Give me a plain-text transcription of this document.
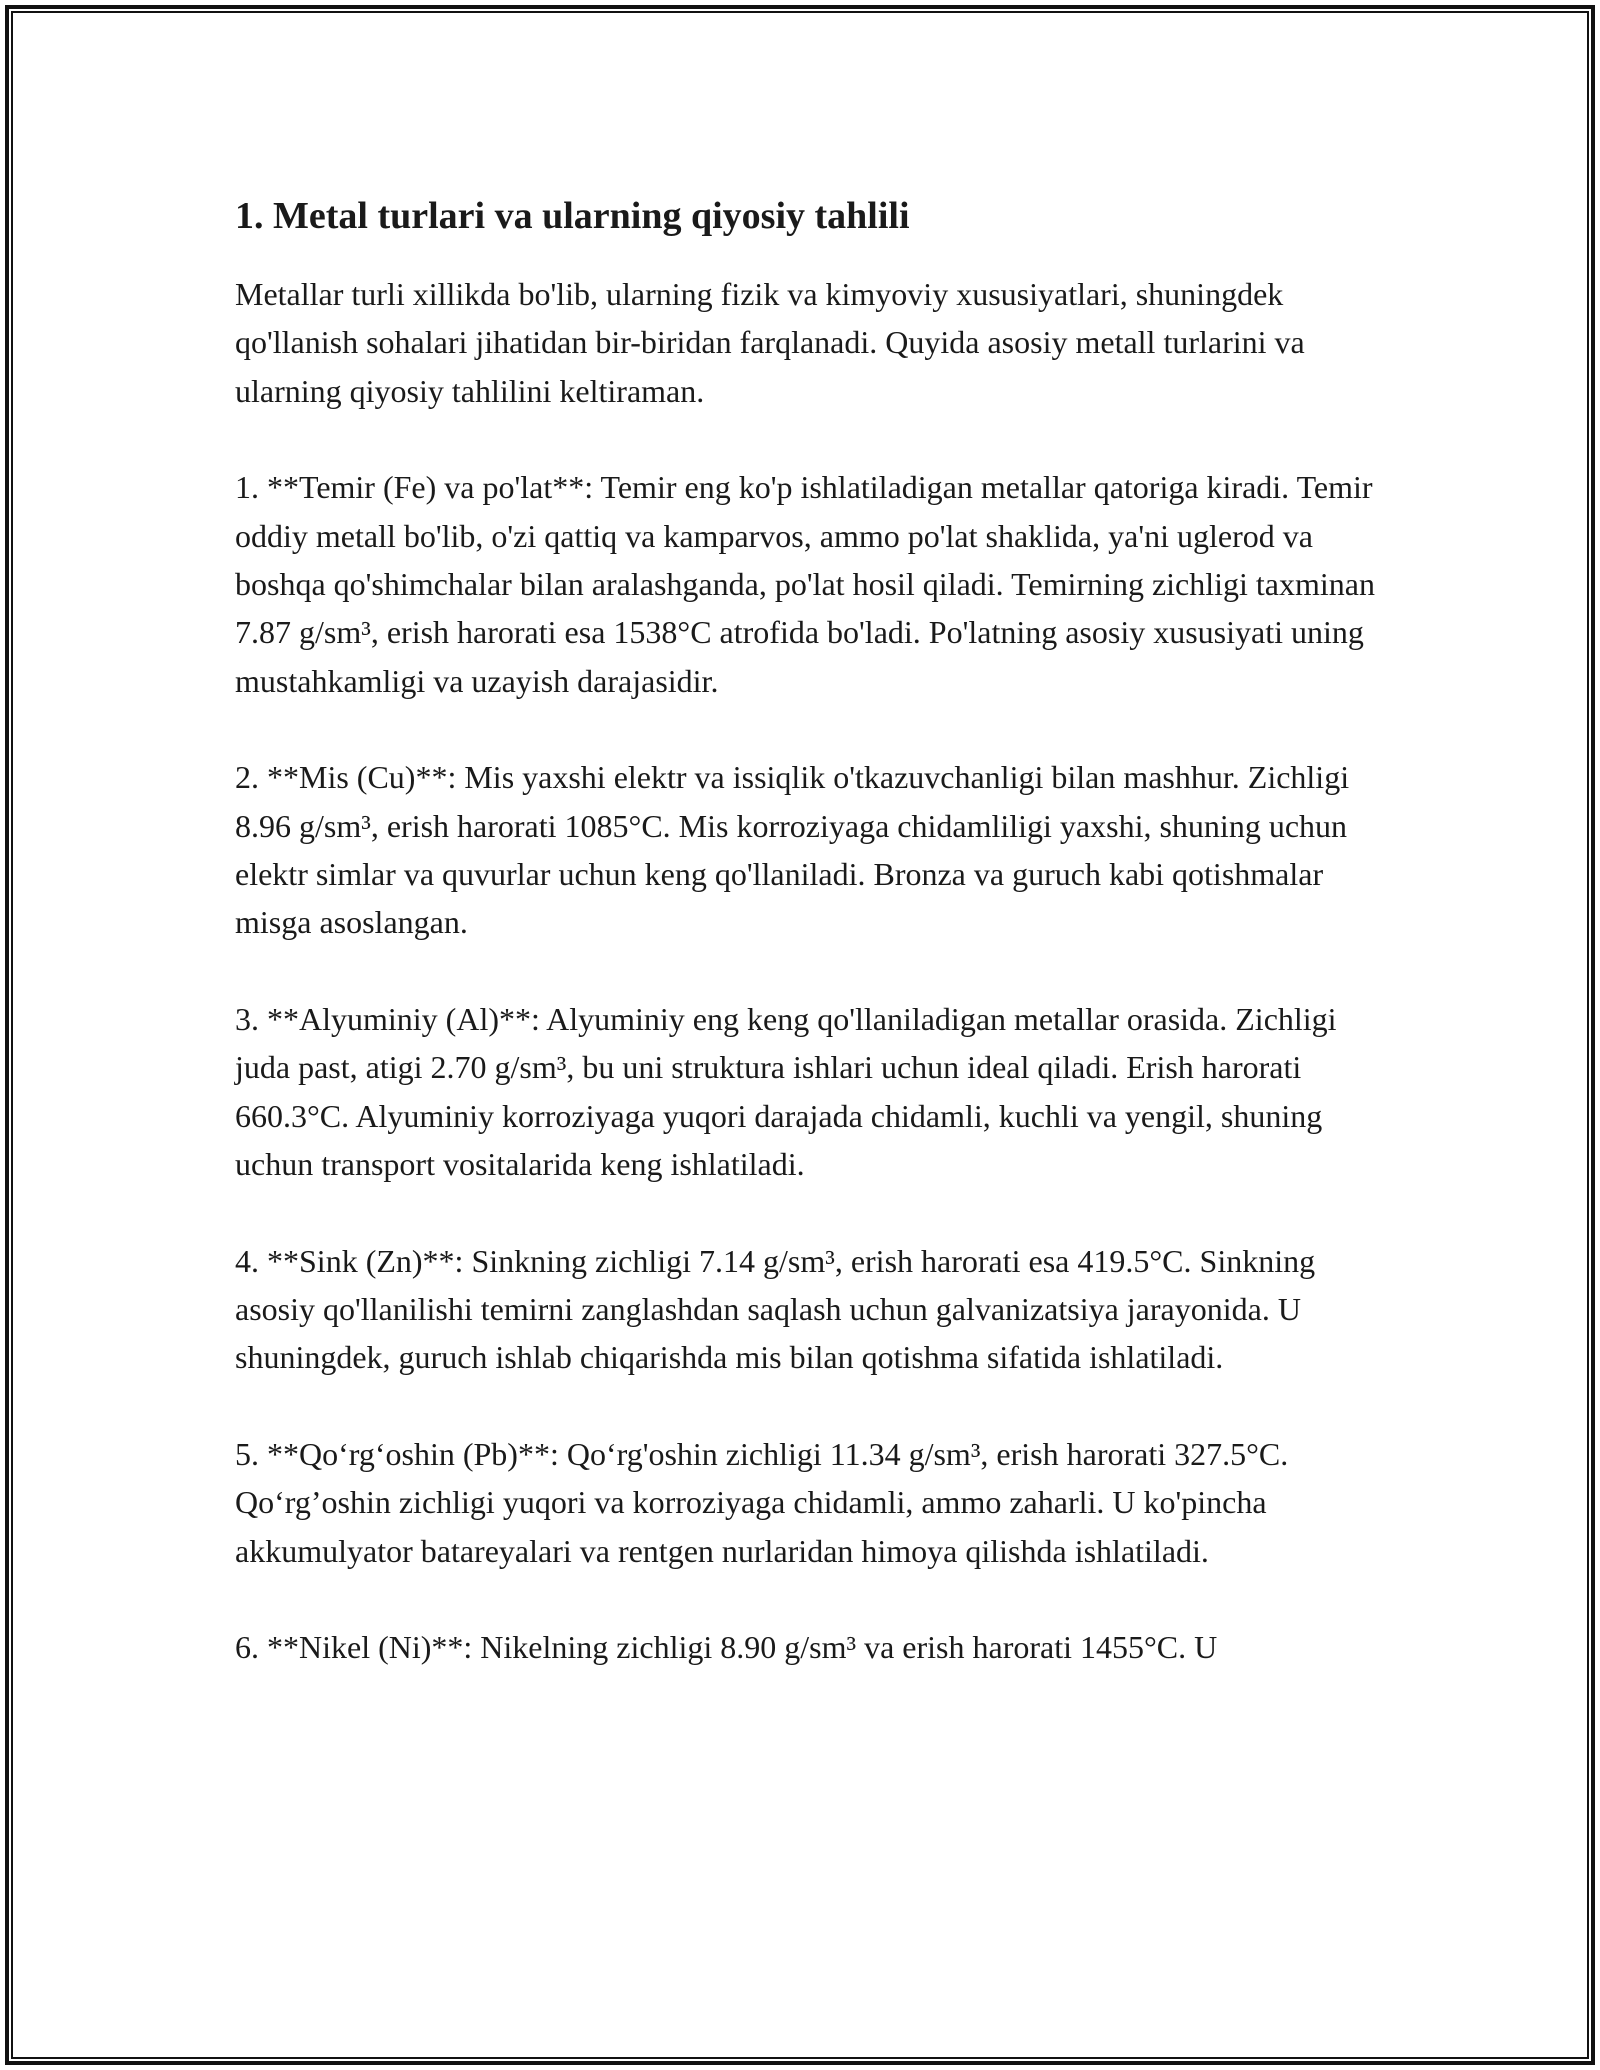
1. Metal turlari va ularning qiyosiy tahlili

Metallar turli xillikda bo'lib, ularning fizik va kimyoviy xususiyatlari, shuningdek qo'llanish sohalari jihatidan bir-biridan farqlanadi. Quyida asosiy metall turlarini va ularning qiyosiy tahlilini keltiraman.

1. **Temir (Fe) va po'lat**: Temir eng ko'p ishlatiladigan metallar qatoriga kiradi. Temir oddiy metall bo'lib, o'zi qattiq va kamparvos, ammo po'lat shaklida, ya'ni uglerod va boshqa qo'shimchalar bilan aralashganda, po'lat hosil qiladi. Temirning zichligi taxminan 7.87 g/sm³, erish harorati esa 1538°C atrofida bo'ladi. Po'latning asosiy xususiyati uning mustahkamligi va uzayish darajasidir.

2. **Mis (Cu)**: Mis yaxshi elektr va issiqlik o'tkazuvchanligi bilan mashhur. Zichligi 8.96 g/sm³, erish harorati 1085°C. Mis korroziyaga chidamliligi yaxshi, shuning uchun elektr simlar va quvurlar uchun keng qo'llaniladi. Bronza va guruch kabi qotishmalar misga asoslangan.

3. **Alyuminiy (Al)**: Alyuminiy eng keng qo'llaniladigan metallar orasida. Zichligi juda past, atigi 2.70 g/sm³, bu uni struktura ishlari uchun ideal qiladi. Erish harorati 660.3°C. Alyuminiy korroziyaga yuqori darajada chidamli, kuchli va yengil, shuning uchun transport vositalarida keng ishlatiladi.

4. **Sink (Zn)**: Sinkning zichligi 7.14 g/sm³, erish harorati esa 419.5°C. Sinkning asosiy qo'llanilishi temirni zanglashdan saqlash uchun galvanizatsiya jarayonida. U shuningdek, guruch ishlab chiqarishda mis bilan qotishma sifatida ishlatiladi.

5. **Qo‘rg‘oshin (Pb)**: Qo‘rg'oshin zichligi 11.34 g/sm³, erish harorati 327.5°C. Qo‘rg’oshin zichligi yuqori va korroziyaga chidamli, ammo zaharli. U ko'pincha akkumulyator batareyalari va rentgen nurlaridan himoya qilishda ishlatiladi.

6. **Nikel (Ni)**: Nikelning zichligi 8.90 g/sm³ va erish harorati 1455°C. U
